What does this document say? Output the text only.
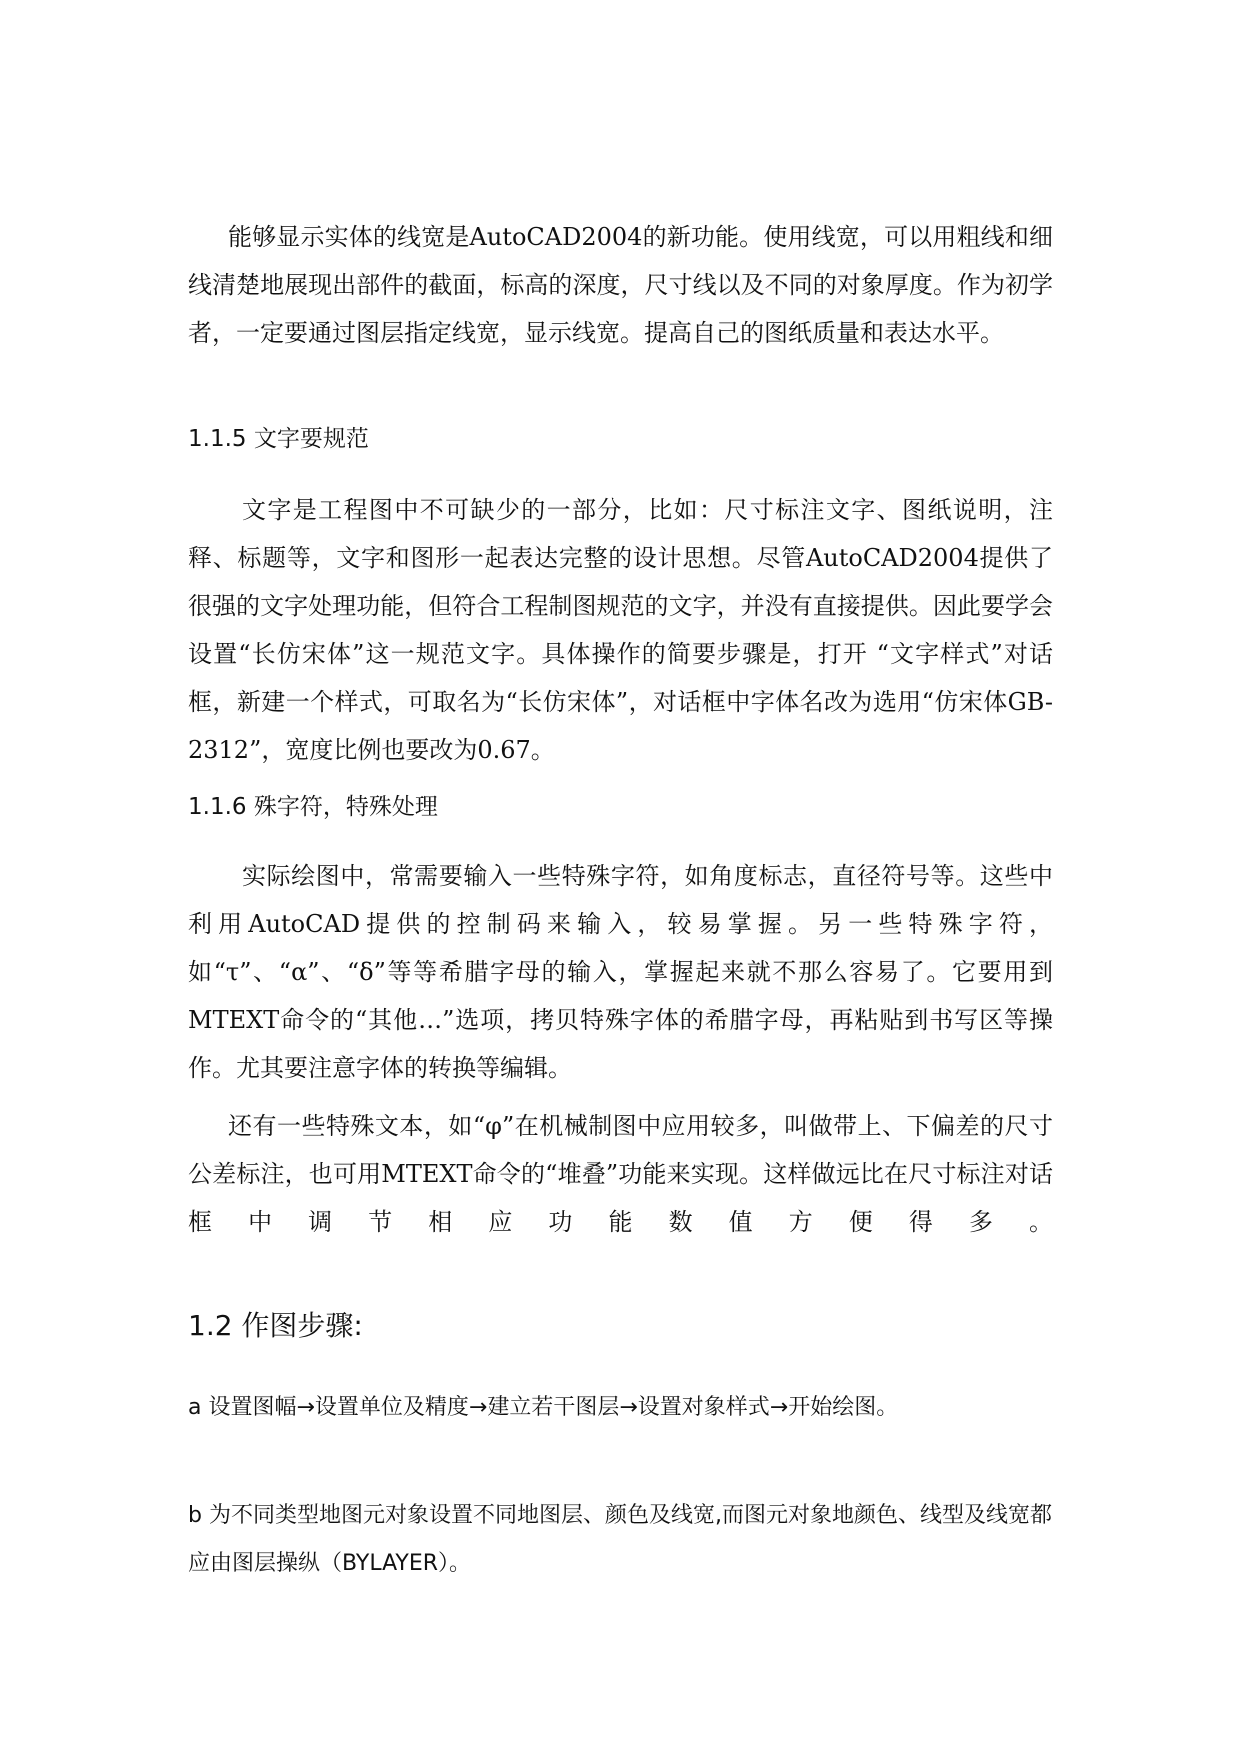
能够显示实体的线宽是AutoCAD2004的新功能。使用线宽，可以用粗线和细线清楚地展现出部件的截面，标高的深度，尺寸线以及不同的对象厚度。作为初学者，一定要通过图层指定线宽，显示线宽。提高自己的图纸质量和表达水平。

1.1.5 文字要规范

文字是工程图中不可缺少的一部分，比如：尺寸标注文字、图纸说明，注释、标题等，文字和图形一起表达完整的设计思想。尽管AutoCAD2004提供了很强的文字处理功能，但符合工程制图规范的文字，并没有直接提供。因此要学会设置“长仿宋体”这一规范文字。具体操作的简要步骤是，打开 “文字样式”对话框，新建一个样式，可取名为“长仿宋体”，对话框中字体名改为选用“仿宋体GB-2312”，宽度比例也要改为0.67。

1.1.6 殊字符，特殊处理

实际绘图中，常需要输入一些特殊字符，如角度标志，直径符号等。这些中利用AutoCAD提供的控制码来输入，较易掌握。另一些特殊字符，如“τ”、“α”、“δ”等等希腊字母的输入，掌握起来就不那么容易了。它要用到MTEXT命令的“其他…”选项，拷贝特殊字体的希腊字母，再粘贴到书写区等操作。尤其要注意字体的转换等编辑。

还有一些特殊文本，如“φ”在机械制图中应用较多，叫做带上、下偏差的尺寸公差标注，也可用MTEXT命令的“堆叠”功能来实现。这样做远比在尺寸标注对话框中调节相应功能数值方便得多。

1.2 作图步骤:

a 设置图幅→设置单位及精度→建立若干图层→设置对象样式→开始绘图。

b 为不同类型地图元对象设置不同地图层、颜色及线宽,而图元对象地颜色、线型及线宽都应由图层操纵（BYLAYER）。
